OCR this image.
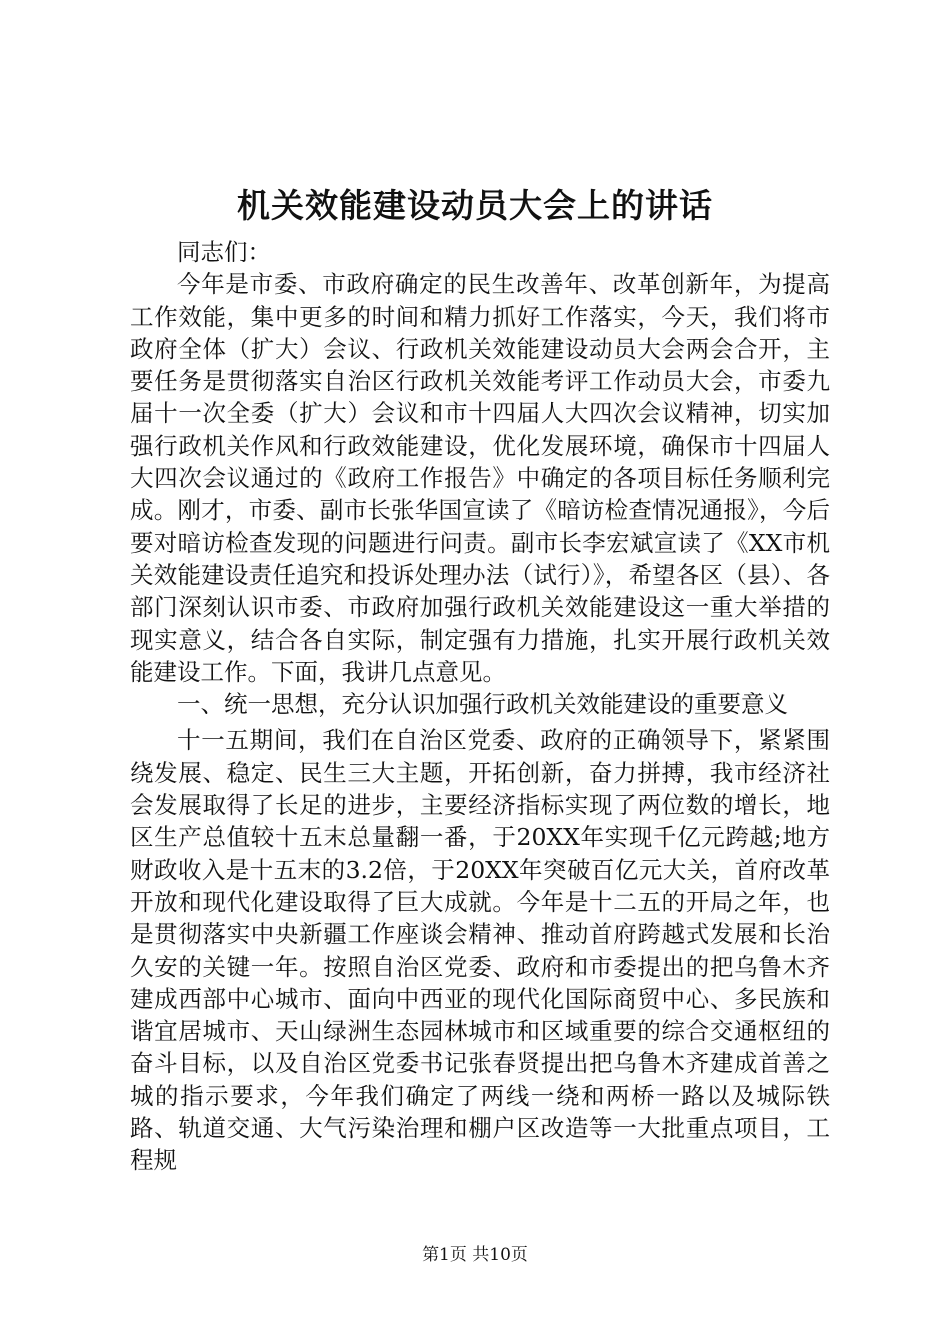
机关效能建设动员大会上的讲话

同志们：

今年是市委、市政府确定的民生改善年、改革创新年，为提高工作效能，集中更多的时间和精力抓好工作落实，今天，我们将市政府全体（扩大）会议、行政机关效能建设动员大会两会合开，主要任务是贯彻落实自治区行政机关效能考评工作动员大会，市委九届十一次全委（扩大）会议和市十四届人大四次会议精神，切实加强行政机关作风和行政效能建设，优化发展环境，确保市十四届人大四次会议通过的《政府工作报告》中确定的各项目标任务顺利完成。刚才，市委、副市长张华国宣读了《暗访检查情况通报》，今后要对暗访检查发现的问题进行问责。副市长李宏斌宣读了《XX市机关效能建设责任追究和投诉处理办法（试行）》，希望各区（县）、各部门深刻认识市委、市政府加强行政机关效能建设这一重大举措的现实意义，结合各自实际，制定强有力措施，扎实开展行政机关效能建设工作。下面，我讲几点意见。

一、统一思想，充分认识加强行政机关效能建设的重要意义

十一五期间，我们在自治区党委、政府的正确领导下，紧紧围绕发展、稳定、民生三大主题，开拓创新，奋力拼搏，我市经济社会发展取得了长足的进步，主要经济指标实现了两位数的增长，地区生产总值较十五末总量翻一番，于20XX年实现千亿元跨越;地方财政收入是十五末的3.2倍，于20XX年突破百亿元大关，首府改革开放和现代化建设取得了巨大成就。今年是十二五的开局之年，也是贯彻落实中央新疆工作座谈会精神、推动首府跨越式发展和长治久安的关键一年。按照自治区党委、政府和市委提出的把乌鲁木齐建成西部中心城市、面向中西亚的现代化国际商贸中心、多民族和谐宜居城市、天山绿洲生态园林城市和区域重要的综合交通枢纽的奋斗目标，以及自治区党委书记张春贤提出把乌鲁木齐建成首善之城的指示要求，今年我们确定了两线一绕和两桥一路以及城际铁路、轨道交通、大气污染治理和棚户区改造等一大批重点项目，工程规

第1页 共10页
